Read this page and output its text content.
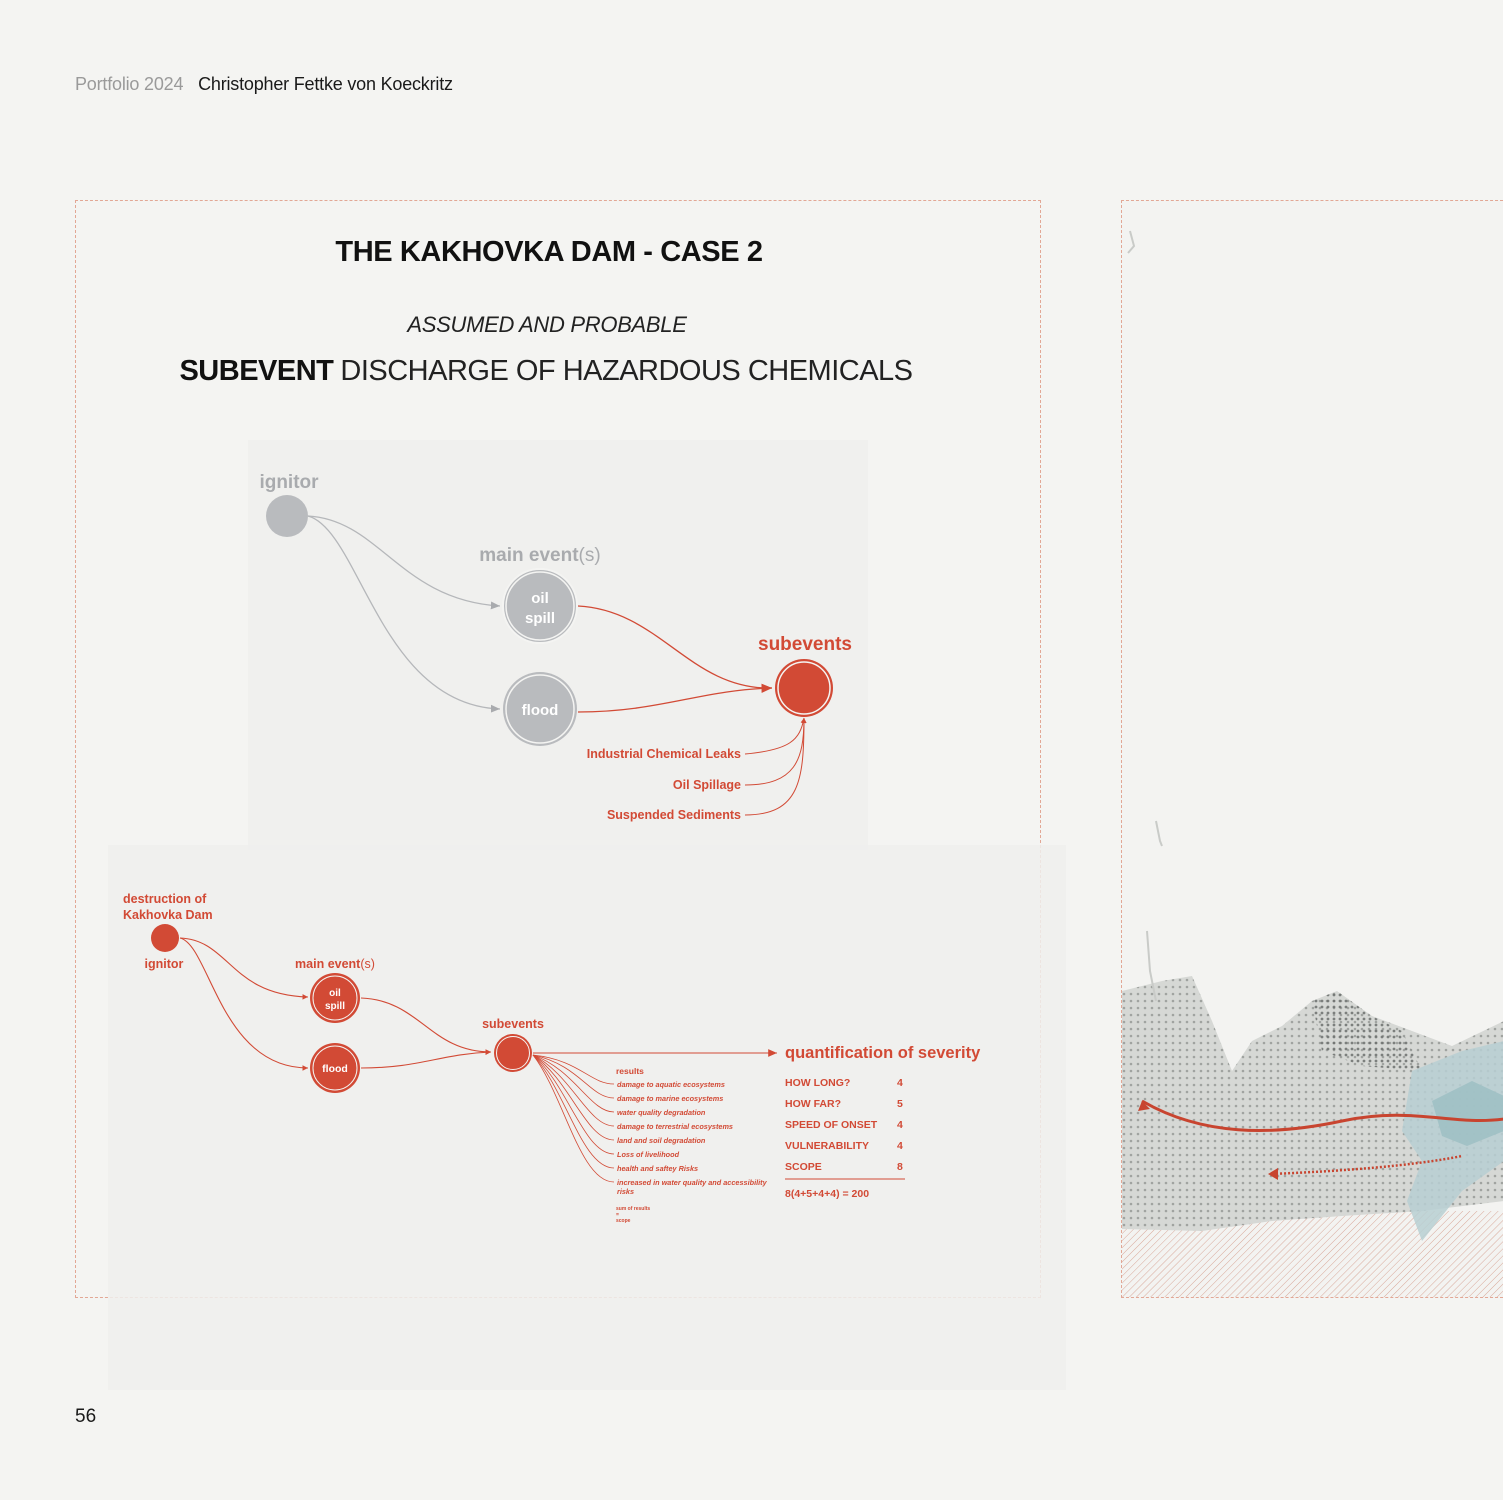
Portfolio 2024 Christopher Fettke von Koeckritz
THE KAKHOVKA DAM - CASE 2
ASSUMED AND PROBABLE
SUBEVENT DISCHARGE OF HAZARDOUS CHEMICALS
ignitor
main event(s)
oil
spill
flood
subevents
Industrial Chemical Leaks
Oil Spillage
Suspended Sediments
destruction of
Kakhovka Dam
ignitor	main event(s)
oil
spill
flood
subevents
results
damage to aquatic ecosystems
damage to marine ecosystems
water quality degradation
damage to terrestrial ecosystems
land and soil degradation
Loss of livelihood
health and saftey Risks
increased in water quality and accessibility
risks
sum of results
=
scope
quantification of severity
HOW LONG?	4
HOW FAR?	5
SPEED OF ONSET 4
VULNERABILITY	4
SCOPE	8
8(4+5+4+4) = 200
56
